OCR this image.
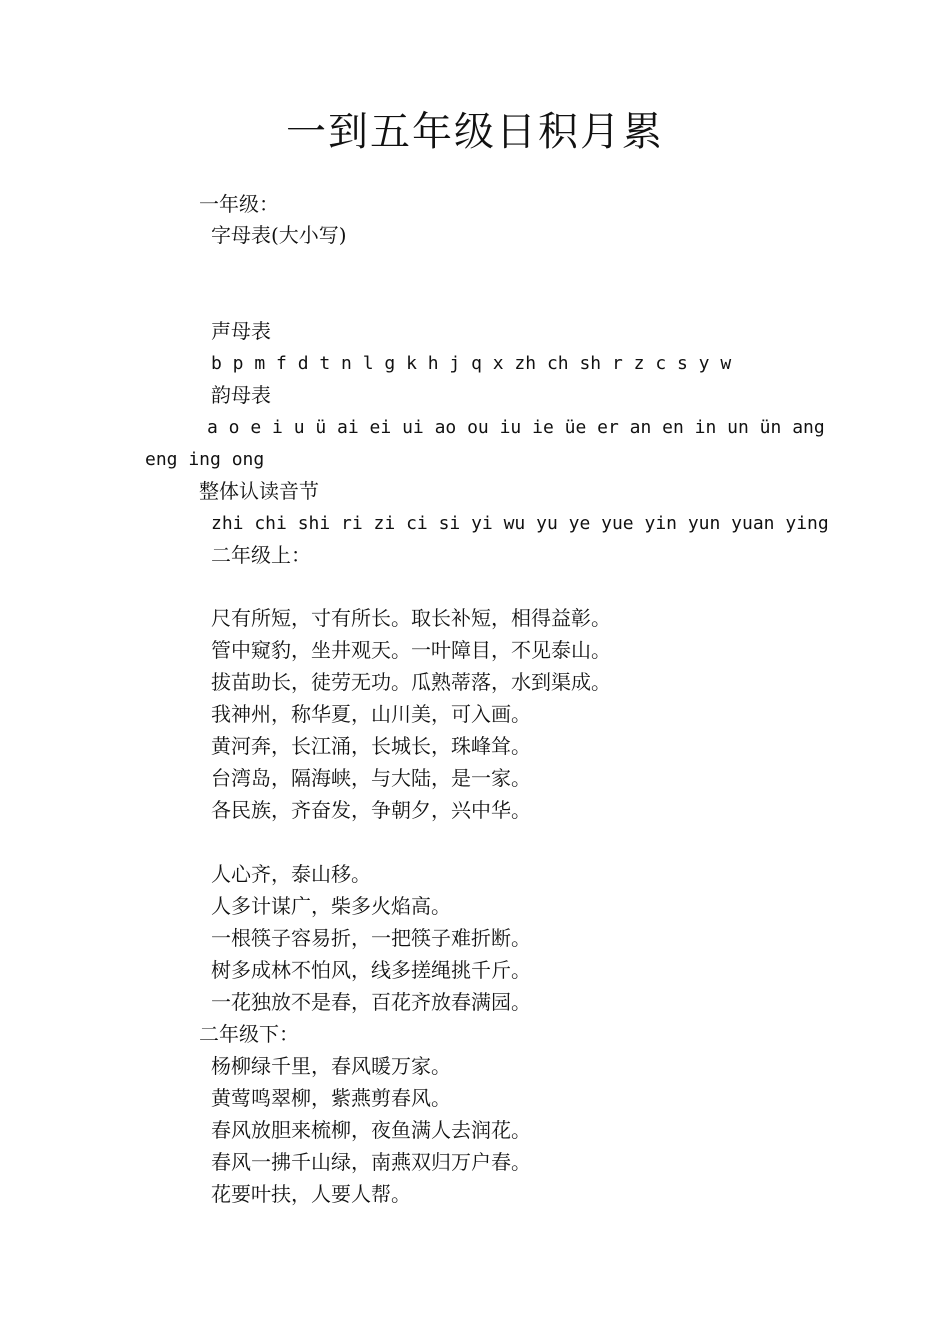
一到五年级日积月累
一年级：
字母表(大小写)
声母表
b p m f d t n l g k h j q x zh ch sh r z c s y w
韵母表
a o e i u ü ai ei ui ao ou iu ie üe er an en in un ün ang
eng ing ong
整体认读音节
zhi chi shi ri zi ci si yi wu yu ye yue yin yun yuan ying
二年级上：
尺有所短，寸有所长。取长补短，相得益彰。
管中窥豹，坐井观天。一叶障目，不见泰山。
拔苗助长，徒劳无功。瓜熟蒂落，水到渠成。
我神州，称华夏，山川美，可入画。
黄河奔，长江涌，长城长，珠峰耸。
台湾岛，隔海峡，与大陆，是一家。
各民族，齐奋发，争朝夕，兴中华。
人心齐，泰山移。
人多计谋广，柴多火焰高。
一根筷子容易折，一把筷子难折断。
树多成林不怕风，线多搓绳挑千斤。
一花独放不是春，百花齐放春满园。
二年级下：
杨柳绿千里，春风暖万家。
黄莺鸣翠柳，紫燕剪春风。
春风放胆来梳柳，夜鱼满人去润花。
春风一拂千山绿，南燕双归万户春。
花要叶扶，人要人帮。
